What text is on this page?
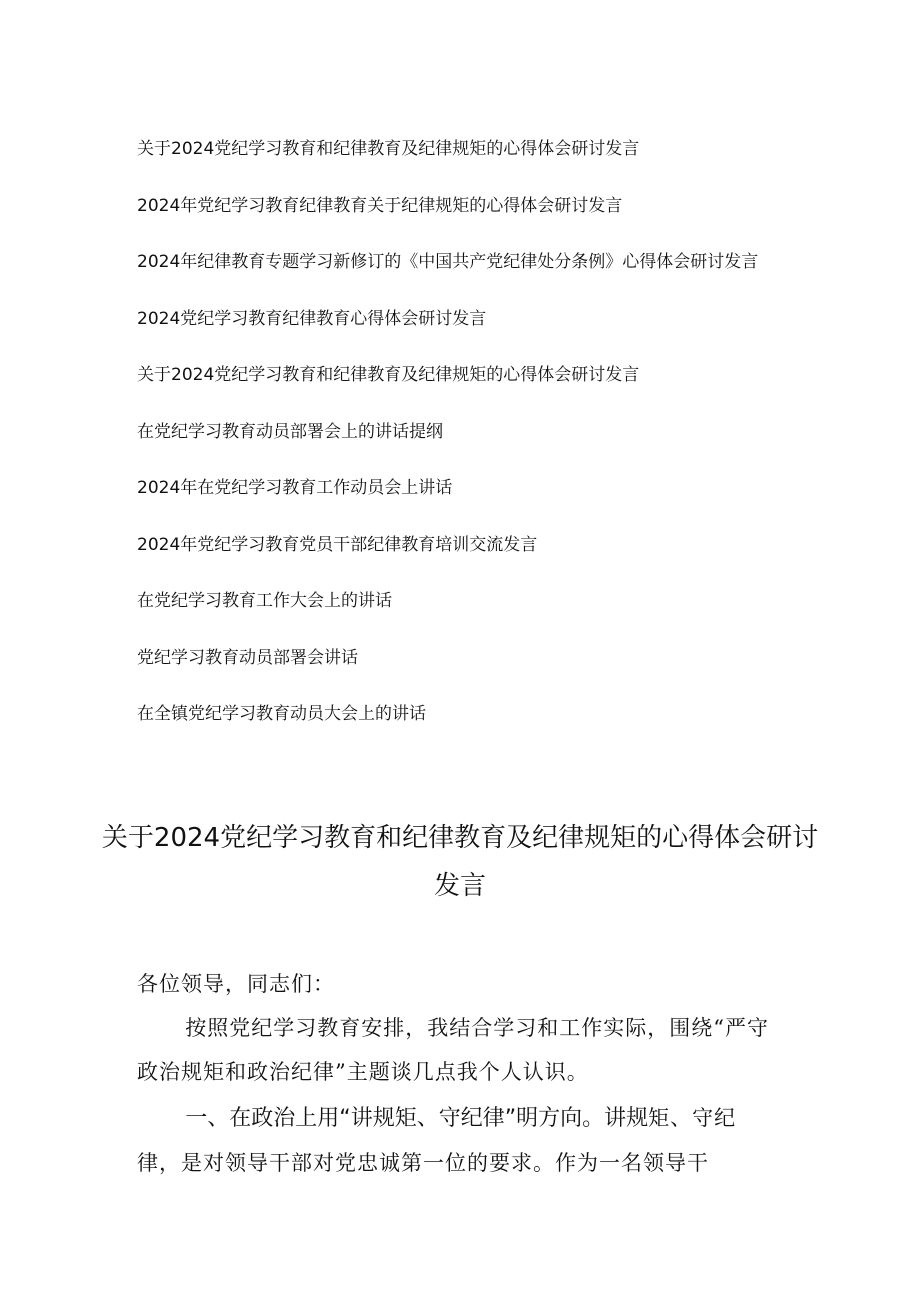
关于2024党纪学习教育和纪律教育及纪律规矩的心得体会研讨发言
2024年党纪学习教育纪律教育关于纪律规矩的心得体会研讨发言
2024年纪律教育专题学习新修订的《中国共产党纪律处分条例》心得体会研讨发言
2024党纪学习教育纪律教育心得体会研讨发言
关于2024党纪学习教育和纪律教育及纪律规矩的心得体会研讨发言
在党纪学习教育动员部署会上的讲话提纲
2024年在党纪学习教育工作动员会上讲话
2024年党纪学习教育党员干部纪律教育培训交流发言
在党纪学习教育工作大会上的讲话
党纪学习教育动员部署会讲话
在全镇党纪学习教育动员大会上的讲话
关于2024党纪学习教育和纪律教育及纪律规矩的心得体会研讨发言

各位领导，同志们：

按照党纪学习教育安排，我结合学习和工作实际，围绕“严守政治规矩和政治纪律”主题谈几点我个人认识。

一、在政治上用“讲规矩、守纪律”明方向。讲规矩、守纪律，是对领导干部对党忠诚第一位的要求。作为一名领导干
